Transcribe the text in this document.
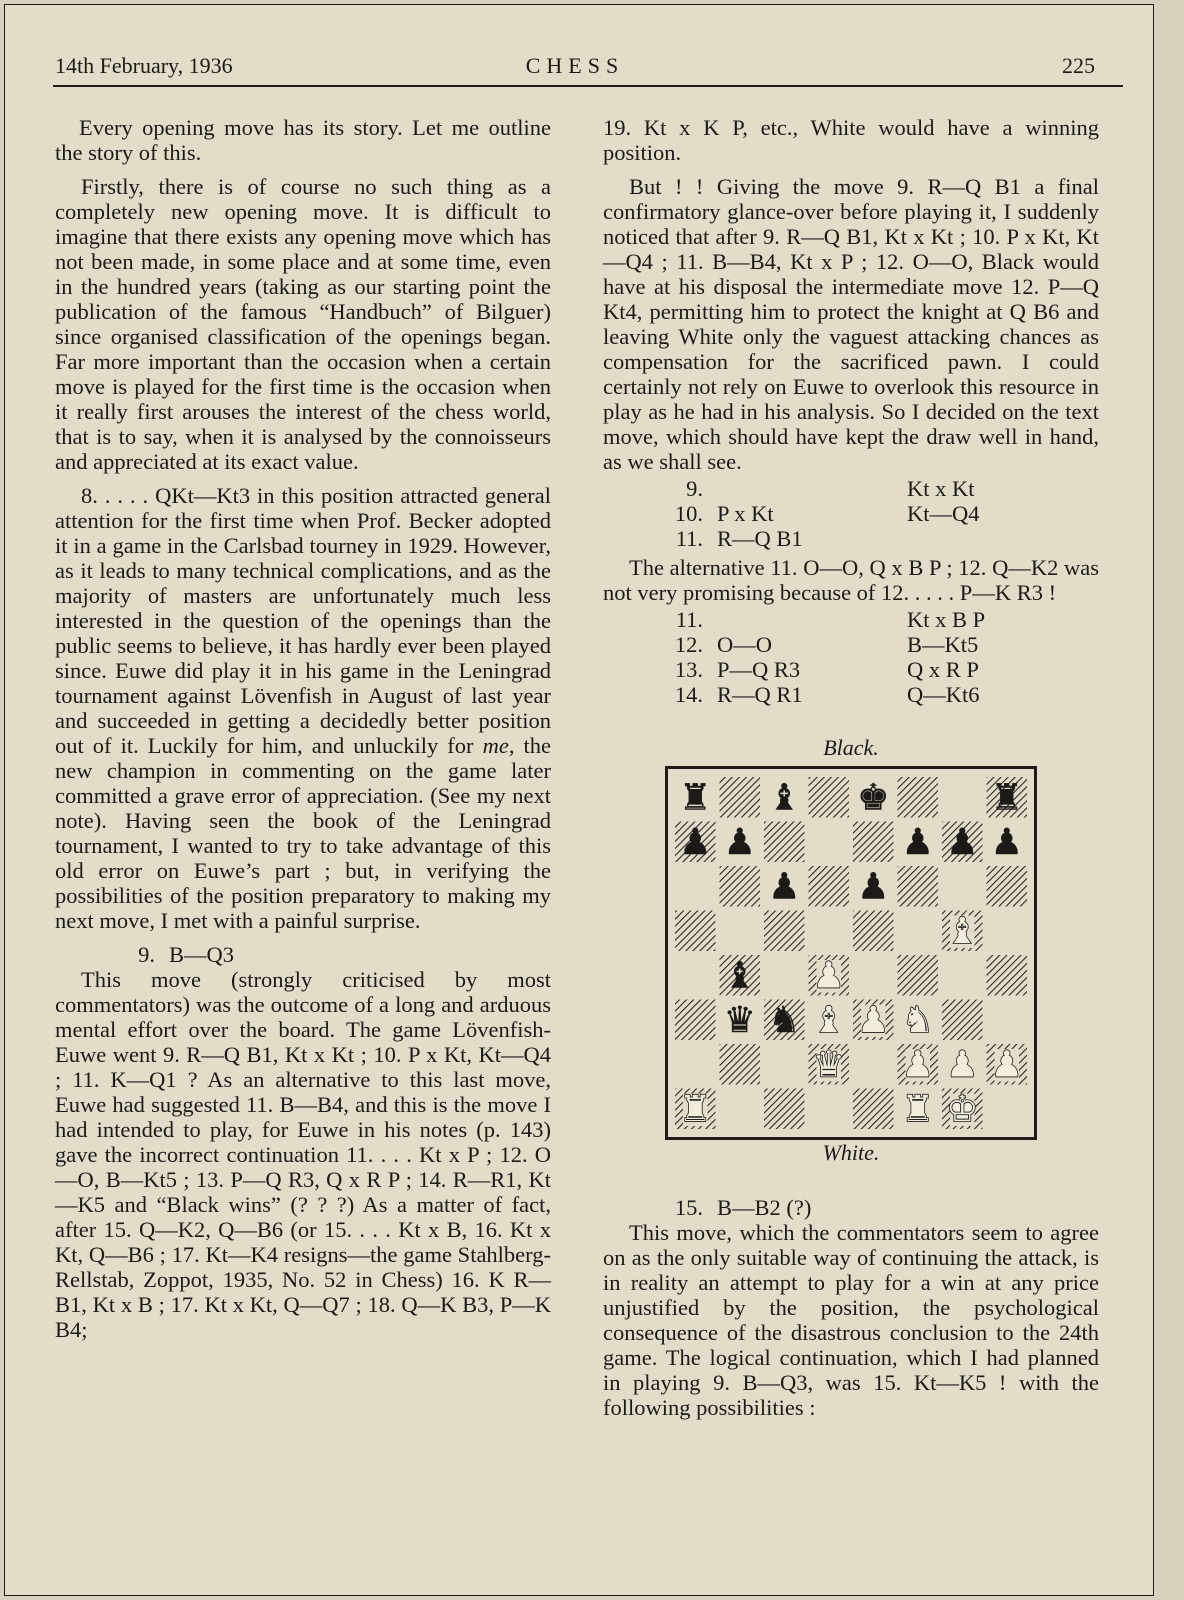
14th February, 1936	CHESS	225

Every opening move has its story. Let me outline the story of this.

Firstly, there is of course no such thing as a completely new opening move. It is difficult to imagine that there exists any opening move which has not been made, in some place and at some time, even in the hundred years (taking as our starting point the publication of the famous “Handbuch” of Bilguer) since organised classification of the openings began. Far more important than the occasion when a certain move is played for the first time is the occasion when it really first arouses the interest of the chess world, that is to say, when it is analysed by the connoisseurs and appreciated at its exact value.

8. . . . . QKt—Kt3 in this position attracted general attention for the first time when Prof. Becker adopted it in a game in the Carlsbad tourney in 1929. However, as it leads to many technical complications, and as the majority of masters are unfortunately much less interested in the question of the openings than the public seems to believe, it has hardly ever been played since. Euwe did play it in his game in the Leningrad tournament against Lövenfish in August of last year and succeeded in getting a decidedly better position out of it. Luckily for him, and unluckily for me, the new champion in commenting on the game later committed a grave error of appreciation. (See my next note). Having seen the book of the Leningrad tournament, I wanted to try to take advantage of this old error on Euwe’s part ; but, in verifying the possibilities of the position preparatory to making my next move, I met with a painful surprise.

9.	B—Q3

This move (strongly criticised by most commentators) was the outcome of a long and arduous mental effort over the board. The game Lövenfish-Euwe went 9. R—Q B1, Kt x Kt ; 10. P x Kt, Kt—Q4 ; 11. K—Q1 ? As an alternative to this last move, Euwe had suggested 11. B—B4, and this is the move I had intended to play, for Euwe in his notes (p. 143) gave the incorrect continuation 11. . . . Kt x P ; 12. O—O, B—Kt5 ; 13. P—Q R3, Q x R P ; 14. R—R1, Kt—K5 and “Black wins” (? ? ?) As a matter of fact, after 15. Q—K2, Q—B6 (or 15. . . . Kt x B, 16. Kt x Kt, Q—B6 ; 17. Kt—K4 resigns—the game Stahlberg-Rellstab, Zoppot, 1935, No. 52 in Chess) 16. K R—B1, Kt x B ; 17. Kt x Kt, Q—Q7 ; 18. Q—K B3, P—K B4;

19. Kt x K P, etc., White would have a winning position.

But ! ! Giving the move 9. R—Q B1 a final confirmatory glance-over before playing it, I suddenly noticed that after 9. R—Q B1, Kt x Kt ; 10. P x Kt, Kt—Q4 ; 11. B—B4, Kt x P ; 12. O—O, Black would have at his disposal the intermediate move 12. P—Q Kt4, permitting him to protect the knight at Q B6 and leaving White only the vaguest attacking chances as compensation for the sacrificed pawn. I could certainly not rely on Euwe to overlook this resource in play as he had in his analysis. So I decided on the text move, which should have kept the draw well in hand, as we shall see.

9.		Kt x Kt
10.	P x Kt	Kt—Q4
11.	R—Q B1	

The alternative 11. O—O, Q x B P ; 12. Q—K2 was not very promising because of 12. . . . . P—K R3 !

11.		Kt x B P
12.	O—O	B—Kt5
13.	P—Q R3	Q x R P
14.	R—Q R1	Q—Kt6
Black.
♜ ♝ ♚	♜
♟ ♟	♟ ♟ ♟
♟ ♟
♝
♝ ♟
♛ ♞ ♝ ♟ ♞
♛ ♟ ♟ ♟
♜	♜ ♚
White.
15.	B—B2 (?)

This move, which the commentators seem to agree on as the only suitable way of continuing the attack, is in reality an attempt to play for a win at any price unjustified by the position, the psychological consequence of the disastrous conclusion to the 24th game. The logical continuation, which I had planned in playing 9. B—Q3, was 15. Kt—K5 ! with the following possibilities :
